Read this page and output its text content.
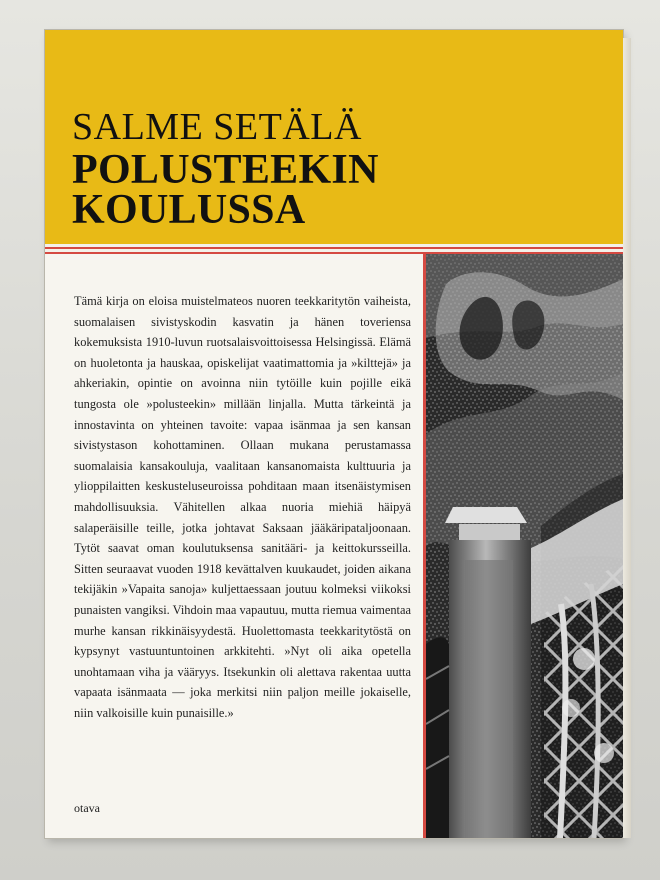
SALME SETÄLÄ
POLUSTEEKIN
KOULUSSA

Tämä kirja on eloisa muistelmateos nuoren teekkaritytön vaiheista, suomalaisen sivistyskodin kasvatin ja hänen toveriensa kokemuksista 1910-luvun ruotsalaisvoittoisessa Helsingissä. Elämä on huoletonta ja hauskaa, opiskelijat vaatimattomia ja »kilttejä» ja ahkeriakin, opintie on avoinna niin tytöille kuin pojille eikä tungosta ole »polusteekin» millään linjalla. Mutta tärkeintä ja innostavinta on yhteinen tavoite: vapaa isänmaa ja sen kansan sivistystason kohottaminen. Ollaan mukana perustamassa suomalaisia kansakouluja, vaalitaan kansanomaista kulttuuria ja ylioppilaitten keskusteluseuroissa pohditaan maan itsenäistymisen mahdollisuuksia. Vähitellen alkaa nuoria miehiä häipyä salaperäisille teille, jotka johtavat Saksaan jääkäripataljoonaan. Tytöt saavat oman koulutuksensa sanitääri- ja keittokursseilla. Sitten seuraavat vuoden 1918 kevättalven kuukaudet, joiden aikana tekijäkin »Vapaita sanoja» kuljettaessaan joutuu kolmeksi viikoksi punaisten vangiksi. Vihdoin maa vapautuu, mutta riemua vaimentaa murhe kansan rikkinäisyydestä. Huolettomasta teekkaritytöstä on kypsynyt vastuuntuntoinen arkkitehti. »Nyt oli aika opetella unohtamaan viha ja vääryys. Itsekunkin oli alettava rakentaa uutta vapaata isänmaata — joka merkitsi niin paljon meille jokaiselle, niin valkoisille kuin punaisille.»

otava
